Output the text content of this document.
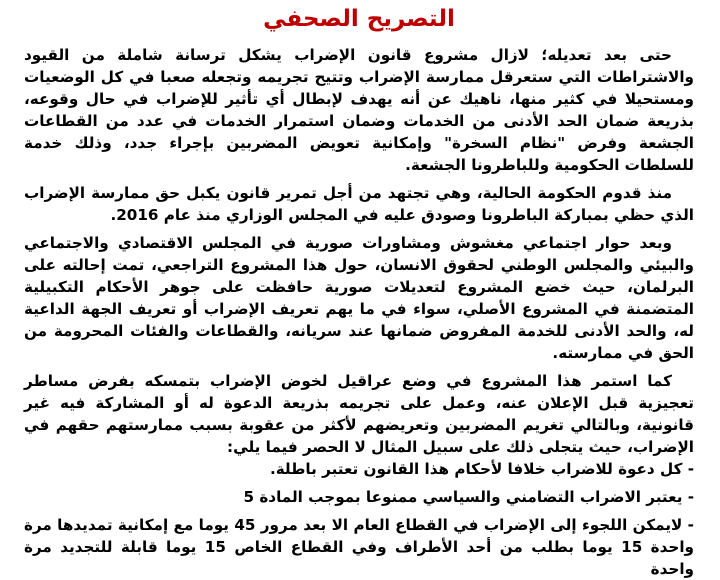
التصريح الصحفي

حتى بعد تعديله؛ لازال مشروع قانون الإضراب يشكل ترسانة شاملة من القيود والاشتراطات التي ستعرقل ممارسة الإضراب وتتيح تجريمه وتجعله صعبا في كل الوضعيات ومستحيلا في كثير منها، ناهيك عن أنه يهدف لإبطال أي تأثير للإضراب في حال وقوعه، بذريعة ضمان الحد الأدنى من الخدمات وضمان استمرار الخدمات في عدد من القطاعات الجشعة وفرض "نظام السخرة" وإمكانية تعويض المضربين بإجراء جدد، وذلك خدمة للسلطات الحكومية وللباطرونا الجشعة.

منذ قدوم الحكومة الحالية، وهي تجتهد من أجل تمرير قانون يكبل حق ممارسة الإضراب الذي حظي بمباركة الباطرونا وصودق عليه في المجلس الوزاري منذ عام 2016.

وبعد حوار اجتماعي مغشوش ومشاورات صورية في المجلس الاقتصادي والاجتماعي والبيئي والمجلس الوطني لحقوق الانسان، حول هذا المشروع التراجعي، تمت إحالته على البرلمان، حيث خضع المشروع لتعديلات صورية حافظت على جوهر الأحكام التكبيلية المتضمنة في المشروع الأصلي، سواء في ما يهم تعريف الإضراب أو تعريف الجهة الداعية له، والحد الأدنى للخدمة المفروض ضمانها عند سريانه، والقطاعات والفئات المحرومة من الحق في ممارسته.

كما استمر هذا المشروع في وضع عراقيل لخوض الإضراب بتمسكه بفرض مساطر تعجيزية قبل الإعلان عنه، وعمل على تجريمه بذريعة الدعوة له أو المشاركة فيه غير قانونية، وبالتالي تغريم المضربين وتعريضهم لأكثر من عقوبة بسبب ممارستهم حقهم في الإضراب، حيث يتجلى ذلك على سبيل المثال لا الحصر فيما يلي:

- كل دعوة للاضراب خلافا لأحكام هذا القانون تعتبر باطلة.
- يعتبر الاضراب التضامني والسياسي ممنوعا بموجب المادة 5
- لايمكن اللجوء إلى الإضراب في القطاع العام الا بعد مرور 45 يوما مع إمكانية تمديدها مرة واحدة 15 يوما بطلب من أحد الأطراف وفي القطاع الخاص 15 يوما قابلة للتجديد مرة واحدة
